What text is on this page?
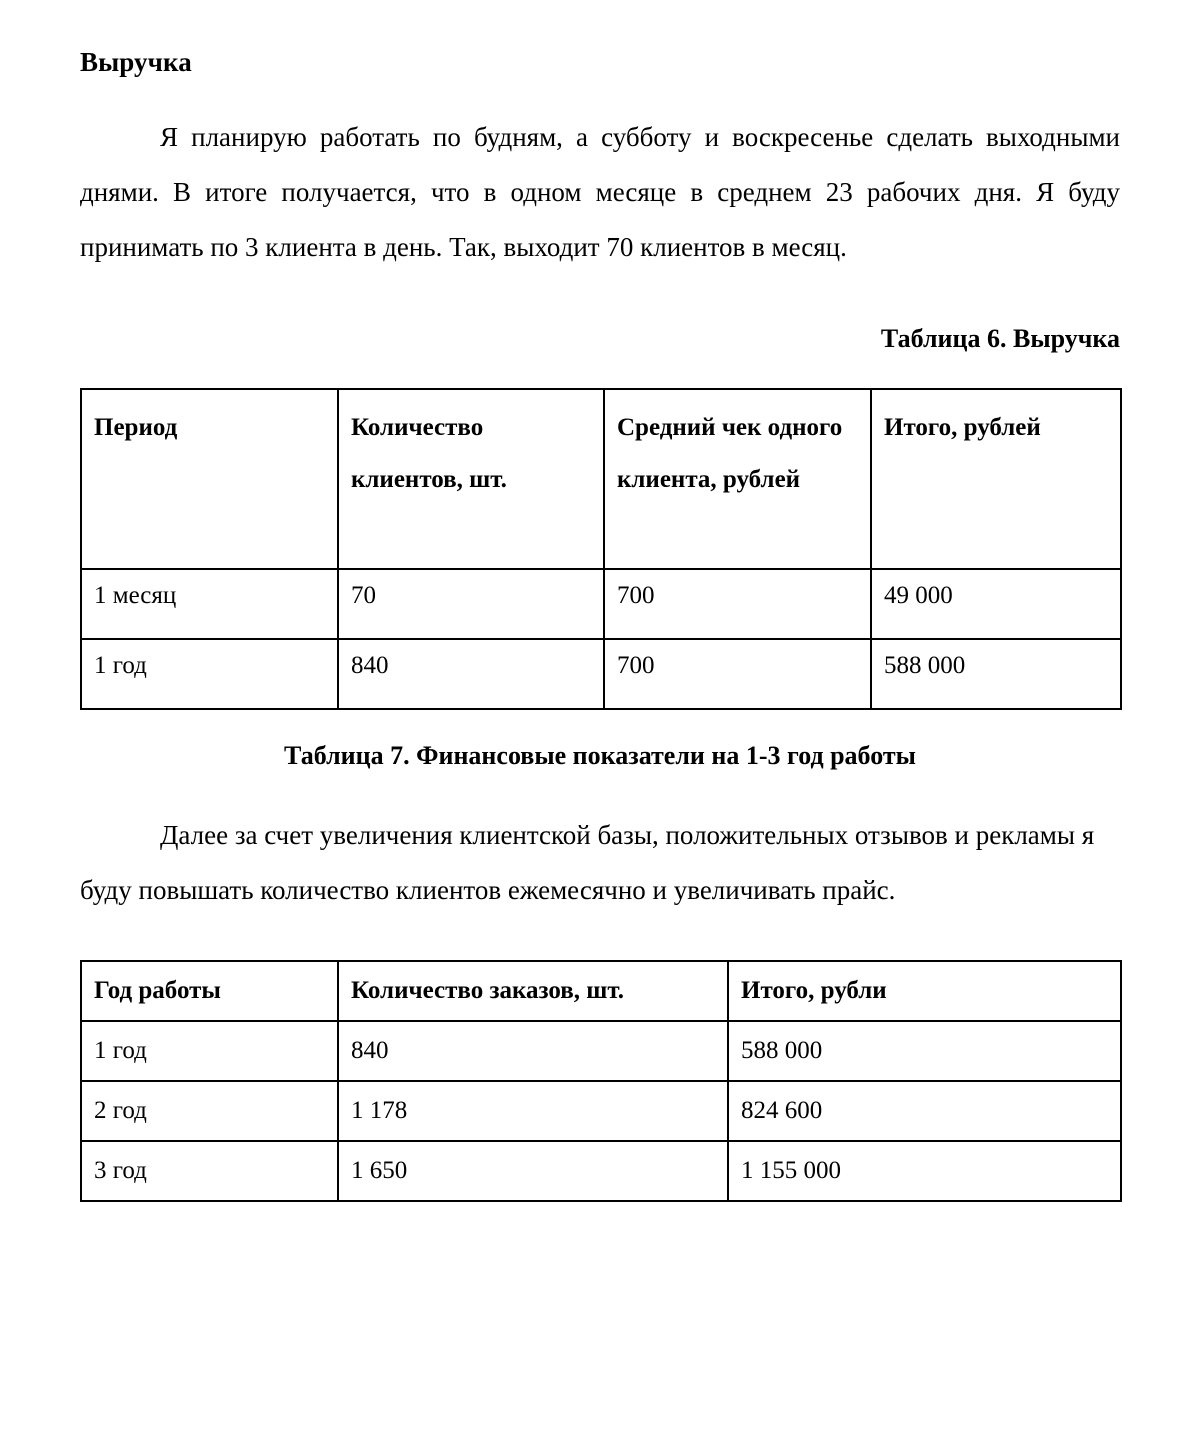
Выручка

Я планирую работать по будням, а субботу и воскресенье сделать выходными днями. В итоге получается, что в одном месяце в среднем 23 рабочих дня. Я буду принимать по 3 клиента в день. Так, выходит 70 клиентов в месяц.

Таблица 6. Выручка
Период	Количество клиентов, шт.	Средний чек одного клиента, рублей	Итого, рублей
1 месяц	70	700	49 000
1 год	840	700	588 000
Таблица 7. Финансовые показатели на 1-3 год работы

Далее за счет увеличения клиентской базы, положительных отзывов и рекламы я буду повышать количество клиентов ежемесячно и увеличивать прайс.

Год работы	Количество заказов, шт.	Итого, рубли
1 год	840	588 000
2 год	1 178	824 600
3 год	1 650	1 155 000
